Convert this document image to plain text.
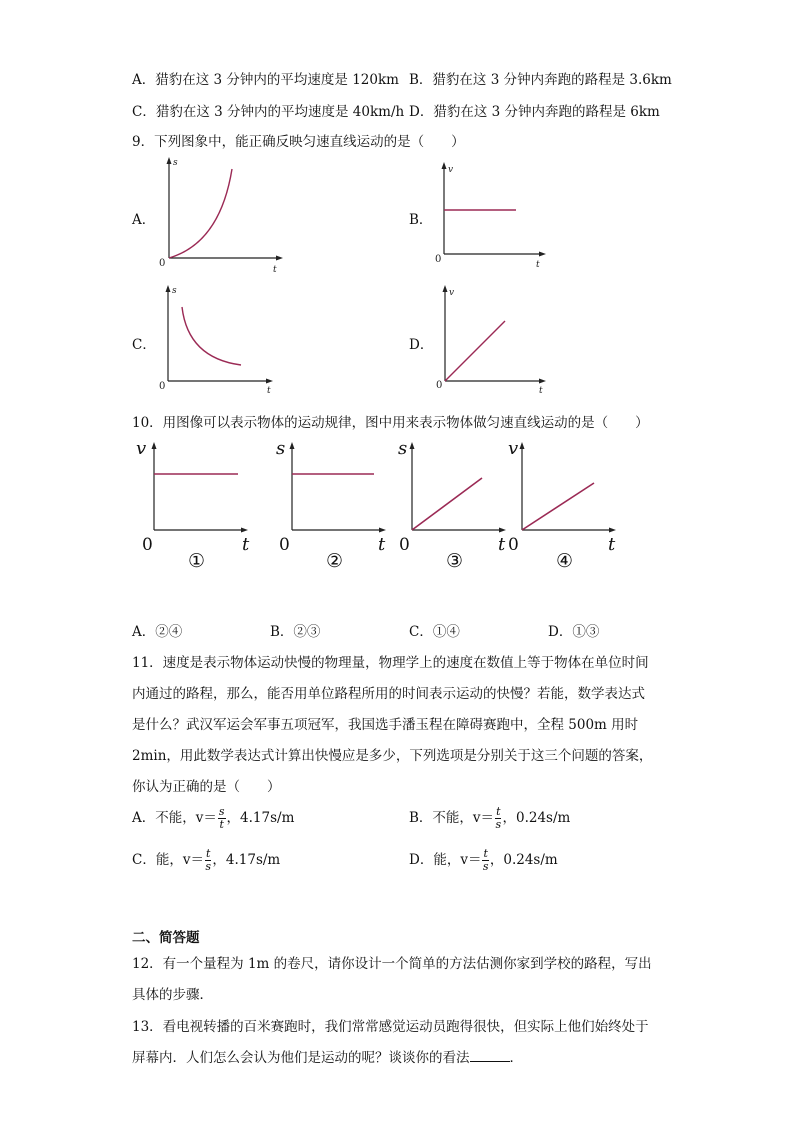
A．猎豹在这 3 分钟内的平均速度是 120km B．猎豹在这 3 分钟内奔跑的路程是 3.6km
C．猎豹在这 3 分钟内的平均速度是 40km/h D．猎豹在这 3 分钟内奔跑的路程是 6km
9．下列图象中，能正确反映匀速直线运动的是（　　）
A．
s
t
0
B．
v
t
0
C．
s
t
0
D．
v
t
0
10．用图像可以表示物体的运动规律，图中用来表示物体做匀速直线运动的是（　　）
v
t
0
①
s
t
0
②
s
t
0
③
v
t
0
④
A．②④	B．②③	C．①④	D．①③
11．速度是表示物体运动快慢的物理量，物理学上的速度在数值上等于物体在单位时间
内通过的路程，那么，能否用单位路程所用的时间表示运动的快慢？若能，数学表达式
是什么？武汉军运会军事五项冠军，我国选手潘玉程在障碍赛跑中，全程 500m 用时
2min，用此数学表达式计算出快慢应是多少，下列选项是分别关于这三个问题的答案，
你认为正确的是（　　）
A．不能，$v= \frac{s}{t}$ ，4.17s/m	B．不能，$v= \frac{t}{s}$ ，0.24s/m
C．能，$v= \frac{t}{s}$ ，4.17s/m	D．能，$v= \frac{t}{s}$ ，0.24s/m
二、简答题
12．有一个量程为 1m 的卷尺，请你设计一个简单的方法估测你家到学校的路程，写出
具体的步骤．
13．看电视转播的百米赛跑时，我们常常感觉运动员跑得很快，但实际上他们始终处于
屏幕内．人们怎么会认为他们是运动的呢？谈谈你的看法	．
